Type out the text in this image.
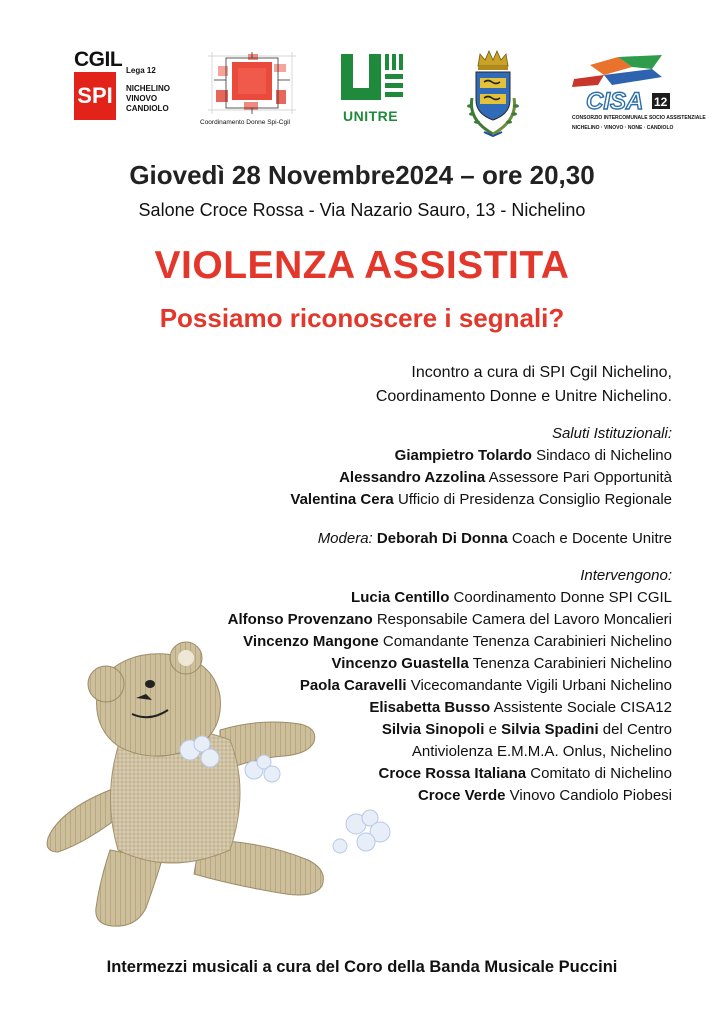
CGIL
SPI
Lega 12
NICHELINO
VINOVO
CANDIOLO
Coordinamento Donne Spi-Cgil	UNITRE
CISA 12
CONSORZIO INTERCOMUNALE SOCIO ASSISTENZIALE
NICHELINO · VINOVO · NONE · CANDIOLO
Giovedì 28 Novembre2024 – ore 20,30
Salone Croce Rossa - Via Nazario Sauro, 13 - Nichelino
VIOLENZA ASSISTITA
Possiamo riconoscere i segnali?
Incontro a cura di SPI Cgil Nichelino,
Coordinamento Donne e Unitre Nichelino.
Saluti Istituzionali:
Giampietro Tolardo Sindaco di Nichelino
Alessandro Azzolina Assessore Pari Opportunità
Valentina Cera Ufficio di Presidenza Consiglio Regionale
Modera: Deborah Di Donna Coach e Docente Unitre
Intervengono:
Lucia Centillo Coordinamento Donne SPI CGIL
Alfonso Provenzano Responsabile Camera del Lavoro Moncalieri
Vincenzo Mangone Comandante Tenenza Carabinieri Nichelino
Vincenzo Guastella Tenenza Carabinieri Nichelino
Paola Caravelli Vicecomandante Vigili Urbani Nichelino
Elisabetta Busso Assistente Sociale CISA12
Silvia Sinopoli e Silvia Spadini del Centro
Antiviolenza E.M.M.A. Onlus, Nichelino
Croce Rossa Italiana Comitato di Nichelino
Croce Verde Vinovo Candiolo Piobesi
Intermezzi musicali a cura del Coro della Banda Musicale Puccini
